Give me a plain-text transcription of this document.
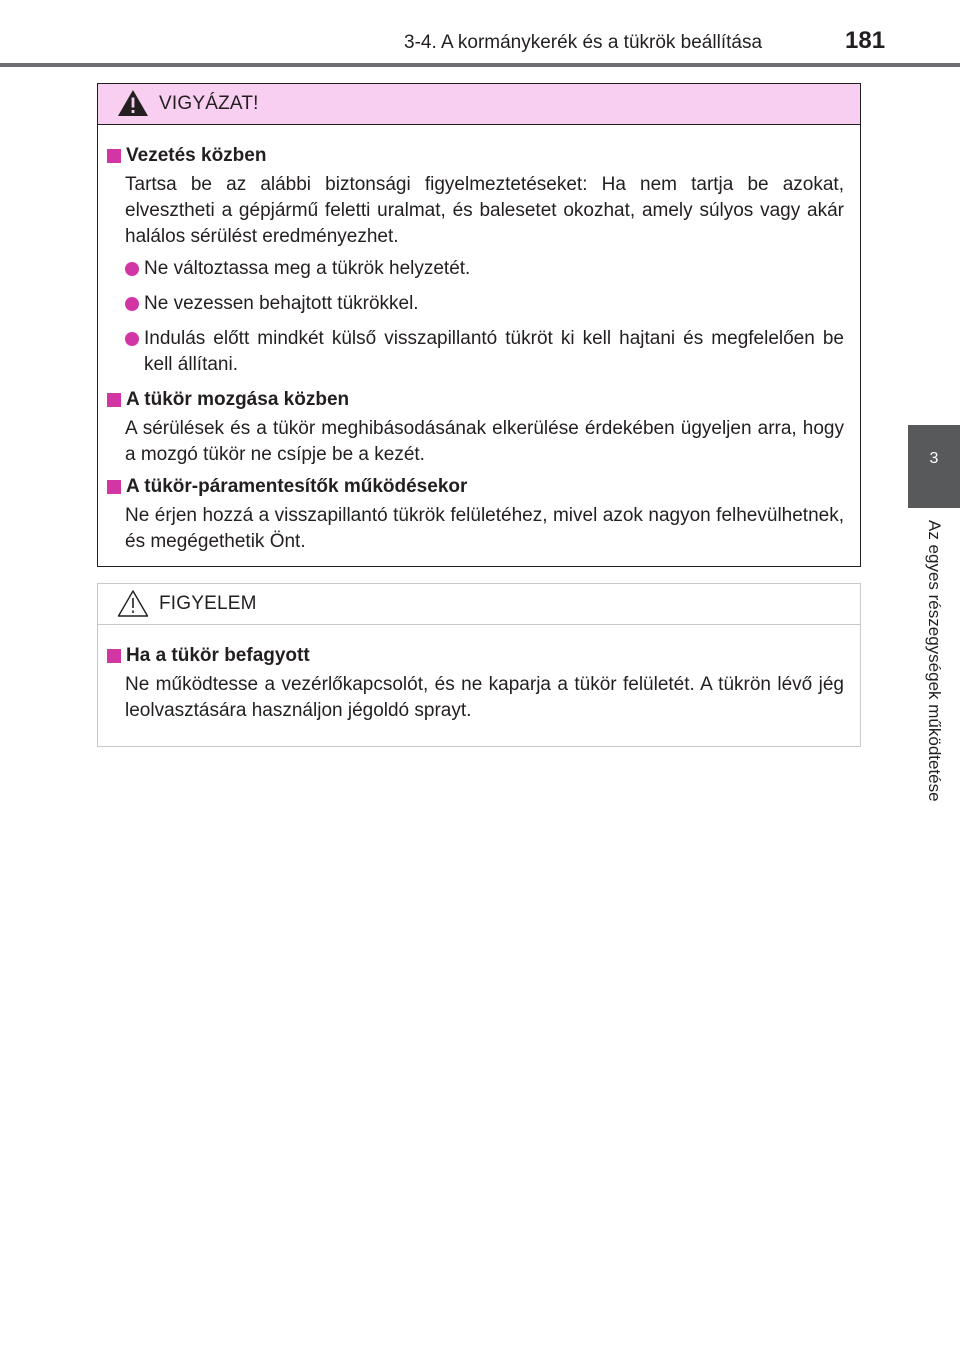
3-4. A kormánykerék és a tükrök beállítása	181
3
Az egyes részegységek működtetése
VIGYÁZAT!
Vezetés közben
Tartsa be az alábbi biztonsági figyelmeztetéseket: Ha nem tartja be azokat, elvesztheti a gépjármű feletti uralmat, és balesetet okozhat, amely súlyos vagy akár halálos sérülést eredményezhet.
Ne változtassa meg a tükrök helyzetét.
Ne vezessen behajtott tükrökkel.
Indulás előtt mindkét külső visszapillantó tükröt ki kell hajtani és megfelelően be kell állítani.
A tükör mozgása közben
A sérülések és a tükör meghibásodásának elkerülése érdekében ügyeljen arra, hogy a mozgó tükör ne csípje be a kezét.
A tükör-páramentesítők működésekor
Ne érjen hozzá a visszapillantó tükrök felületéhez, mivel azok nagyon felhevülhetnek, és megégethetik Önt.
FIGYELEM
Ha a tükör befagyott
Ne működtesse a vezérlőkapcsolót, és ne kaparja a tükör felületét. A tükrön lévő jég leolvasztására használjon jégoldó sprayt.
